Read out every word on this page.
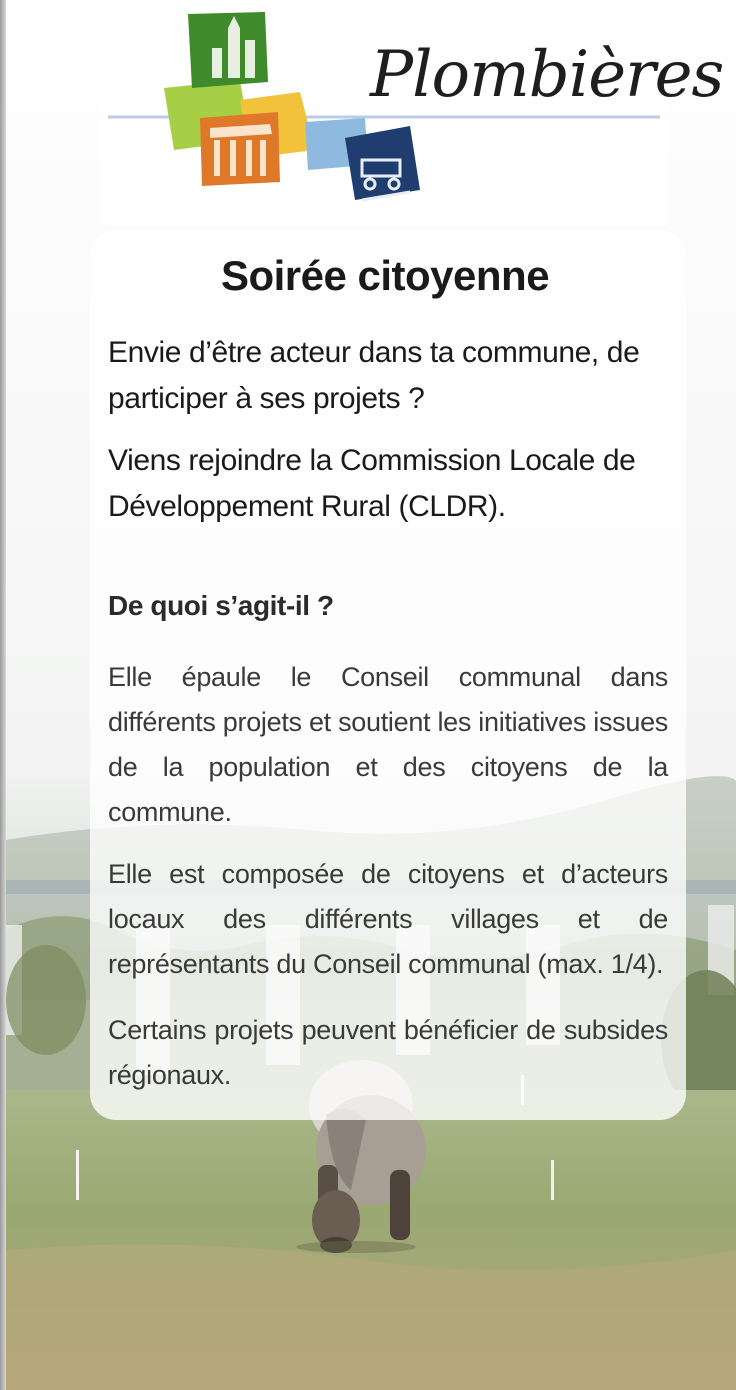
Plombières
Soirée citoyenne
Envie d’être acteur dans ta commune, de participer à ses projets ?
Viens rejoindre la Commission Locale de Développement Rural (CLDR).
De quoi s’agit-il ?
Elle épaule le Conseil communal dans différents projets et soutient les initiatives issues de la population et des citoyens de la commune.
Elle est composée de citoyens et d’acteurs locaux des différents villages et de représentants du Conseil communal (max. 1/4).
Certains projets peuvent bénéficier de subsides régionaux.
